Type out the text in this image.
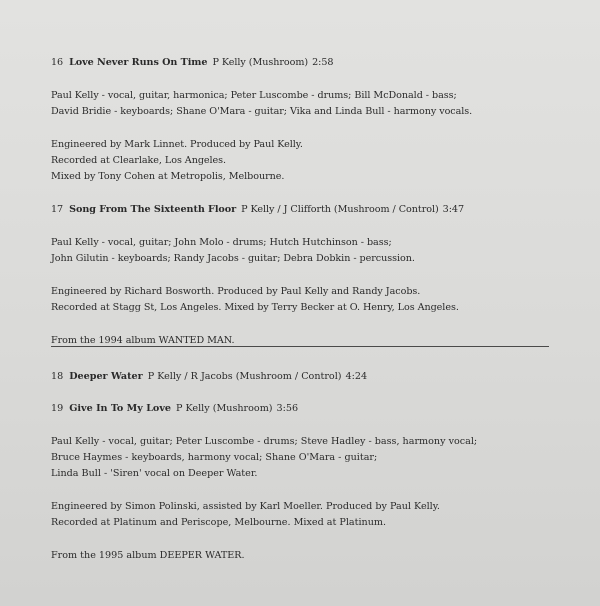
16 Love Never Runs On Time P Kelly (Mushroom) 2:58

Paul Kelly - vocal, guitar, harmonica; Peter Luscombe - drums; Bill McDonald - bass;

David Bridie - keyboards; Shane O'Mara - guitar; Vika and Linda Bull - harmony vocals.

Engineered by Mark Linnet. Produced by Paul Kelly.

Recorded at Clearlake, Los Angeles.

Mixed by Tony Cohen at Metropolis, Melbourne.

17 Song From The Sixteenth Floor P Kelly / J Clifforth (Mushroom / Control) 3:47

Paul Kelly - vocal, guitar; John Molo - drums; Hutch Hutchinson - bass;

John Gilutin - keyboards; Randy Jacobs - guitar; Debra Dobkin - percussion.

Engineered by Richard Bosworth. Produced by Paul Kelly and Randy Jacobs.

Recorded at Stagg St, Los Angeles. Mixed by Terry Becker at O. Henry, Los Angeles.

From the 1994 album WANTED MAN.

18 Deeper Water P Kelly / R Jacobs (Mushroom / Control) 4:24

19 Give In To My Love P Kelly (Mushroom) 3:56

Paul Kelly - vocal, guitar; Peter Luscombe - drums; Steve Hadley - bass, harmony vocal;

Bruce Haymes - keyboards, harmony vocal; Shane O'Mara - guitar;

Linda Bull - 'Siren' vocal on Deeper Water.

Engineered by Simon Polinski, assisted by Karl Moeller. Produced by Paul Kelly.

Recorded at Platinum and Periscope, Melbourne. Mixed at Platinum.

From the 1995 album DEEPER WATER.
